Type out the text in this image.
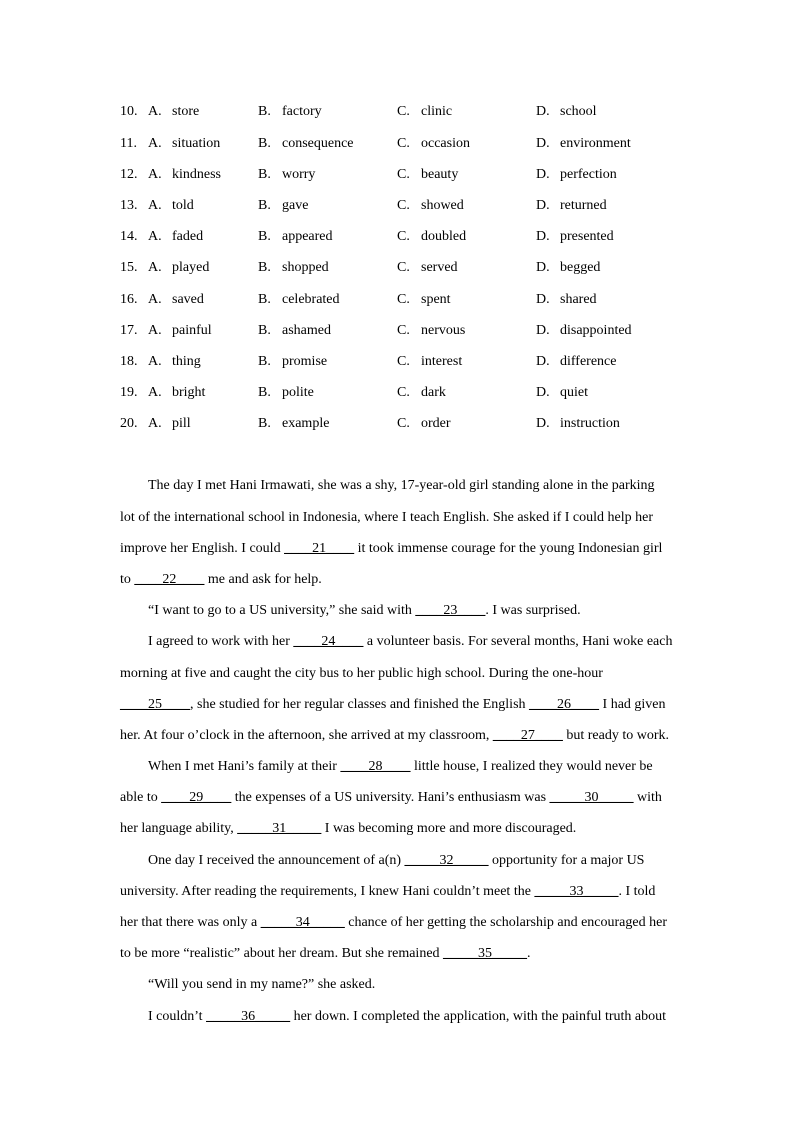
10. A. store	B. factory	C. clinic	D. school
11. A. situation	B. consequence	C. occasion	D. environment
12. A. kindness	B. worry	C. beauty	D. perfection
13. A. told	B. gave	C. showed	D. returned
14. A. faded	B. appeared	C. doubled	D. presented
15. A. played	B. shopped	C. served	D. begged
16. A. saved	B. celebrated	C. spent	D. shared
17. A. painful	B. ashamed	C. nervous	D. disappointed
18. A. thing	B. promise	C. interest	D. difference
19. A. bright	B. polite	C. dark	D. quiet
20. A. pill	B. example	C. order	D. instruction
The day I met Hani Irmawati, she was a shy, 17-year-old girl standing alone in the parking
lot of the international school in Indonesia, where I teach English. She asked if I could help her
improve her English. I could ____21____ it took immense courage for the young Indonesian girl
to ____22____ me and ask for help.
“I want to go to a US university,” she said with ____23____. I was surprised.
I agreed to work with her ____24____ a volunteer basis. For several months, Hani woke each
morning at five and caught the city bus to her public high school. During the one-hour
____25____, she studied for her regular classes and finished the English ____26____ I had given
her. At four o’clock in the afternoon, she arrived at my classroom, ____27____ but ready to work.
When I met Hani’s family at their ____28____ little house, I realized they would never be
able to ____29____ the expenses of a US university. Hani’s enthusiasm was _____30_____ with
her language ability, _____31_____ I was becoming more and more discouraged.
One day I received the announcement of a(n) _____32_____ opportunity for a major US
university. After reading the requirements, I knew Hani couldn’t meet the _____33_____. I told
her that there was only a _____34_____ chance of her getting the scholarship and encouraged her
to be more “realistic” about her dream. But she remained _____35_____.
“Will you send in my name?” she asked.
I couldn’t _____36_____ her down. I completed the application, with the painful truth about
